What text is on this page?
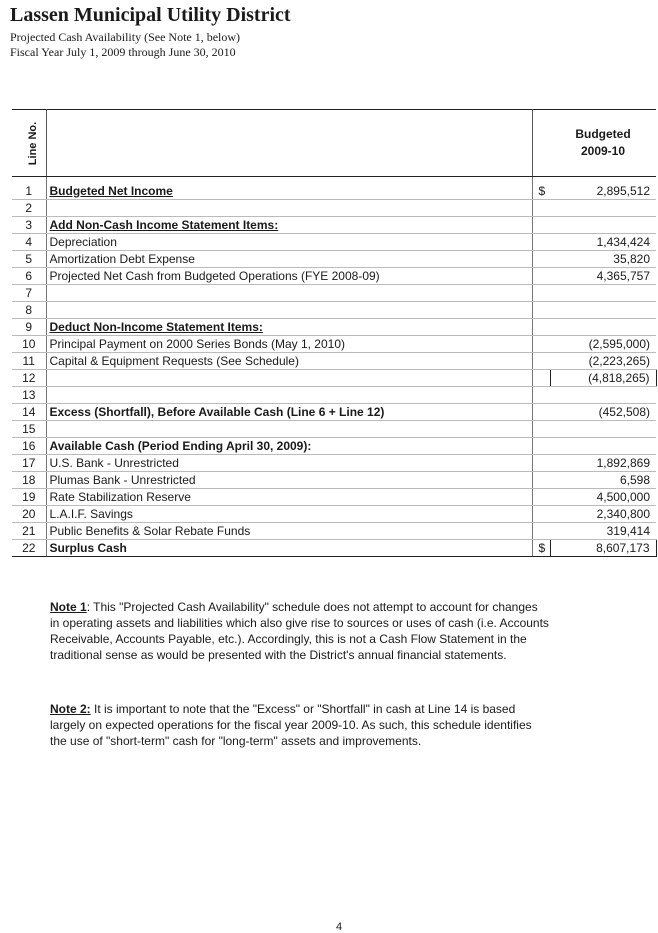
Lassen Municipal Utility District
Projected Cash Availability (See Note 1, below)
Fiscal Year July 1, 2009 through June 30, 2010
Line No.			Budgeted
2009-10

1	Budgeted Net Income	$	2,895,512
2			
3	Add Non-Cash Income Statement Items:		
4	Depreciation		1,434,424
5	Amortization Debt Expense		35,820
6	Projected Net Cash from Budgeted Operations (FYE 2008-09)		4,365,757
7			
8			
9	Deduct Non-Income Statement Items:		
10	Principal Payment on 2000 Series Bonds (May 1, 2010)		(2,595,000)
11	Capital & Equipment Requests (See Schedule)		(2,223,265)
12			(4,818,265)
13			
14	Excess (Shortfall), Before Available Cash (Line 6 + Line 12)		(452,508)
15			
16	Available Cash (Period Ending April 30, 2009):		
17	U.S. Bank - Unrestricted		1,892,869
18	Plumas Bank - Unrestricted		6,598
19	Rate Stabilization Reserve		4,500,000
20	L.A.I.F. Savings		2,340,800
21	Public Benefits & Solar Rebate Funds		319,414
22	Surplus Cash	$	8,607,173
Note 1: This "Projected Cash Availability" schedule does not attempt to account for changes in operating assets and liabilities which also give rise to sources or uses of cash (i.e. Accounts Receivable, Accounts Payable, etc.). Accordingly, this is not a Cash Flow Statement in the traditional sense as would be presented with the District's annual financial statements.
Note 2: It is important to note that the "Excess" or "Shortfall" in cash at Line 14 is based largely on expected operations for the fiscal year 2009-10. As such, this schedule identifies the use of "short-term" cash for "long-term" assets and improvements.
4
